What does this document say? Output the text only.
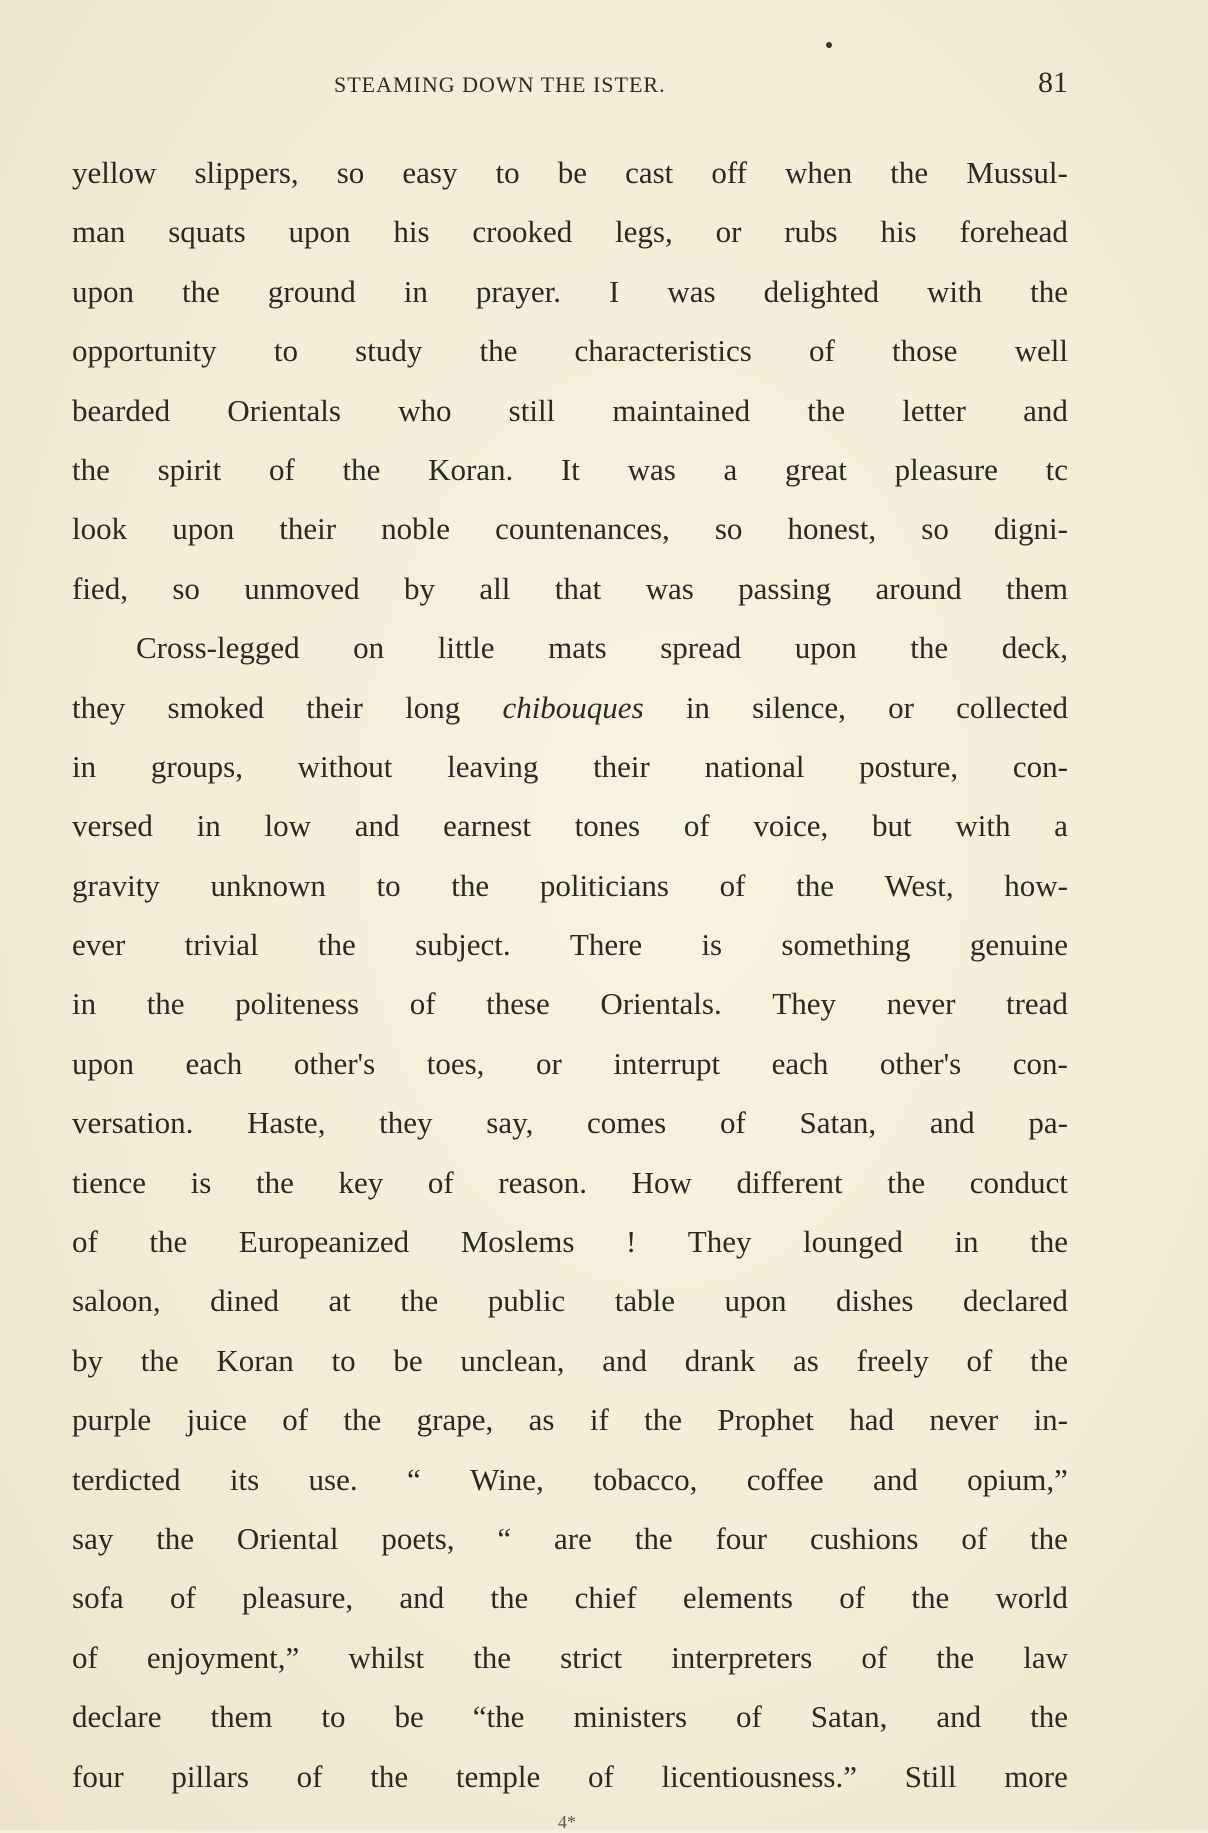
STEAMING DOWN THE ISTER.	81
yellow slippers, so easy to be cast off when the Mussul-
man squats upon his crooked legs, or rubs his forehead
upon the ground in prayer. I was delighted with the
opportunity to study the characteristics of those well
bearded Orientals who still maintained the letter and
the spirit of the Koran. It was a great pleasure tc
look upon their noble countenances, so honest, so digni-
fied, so unmoved by all that was passing around them
Cross-legged on little mats spread upon the deck,
they smoked their long chibouques in silence, or collected
in groups, without leaving their national posture, con-
versed in low and earnest tones of voice, but with a
gravity unknown to the politicians of the West, how-
ever trivial the subject. There is something genuine
in the politeness of these Orientals. They never tread
upon each other's toes, or interrupt each other's con-
versation. Haste, they say, comes of Satan, and pa-
tience is the key of reason. How different the conduct
of the Europeanized Moslems ! They lounged in the
saloon, dined at the public table upon dishes declared
by the Koran to be unclean, and drank as freely of the
purple juice of the grape, as if the Prophet had never in-
terdicted its use. “ Wine, tobacco, coffee and opium,”
say the Oriental poets, “ are the four cushions of the
sofa of pleasure, and the chief elements of the world
of enjoyment,” whilst the strict interpreters of the law
declare them to be “the ministers of Satan, and the
four pillars of the temple of licentiousness.” Still more
4*
